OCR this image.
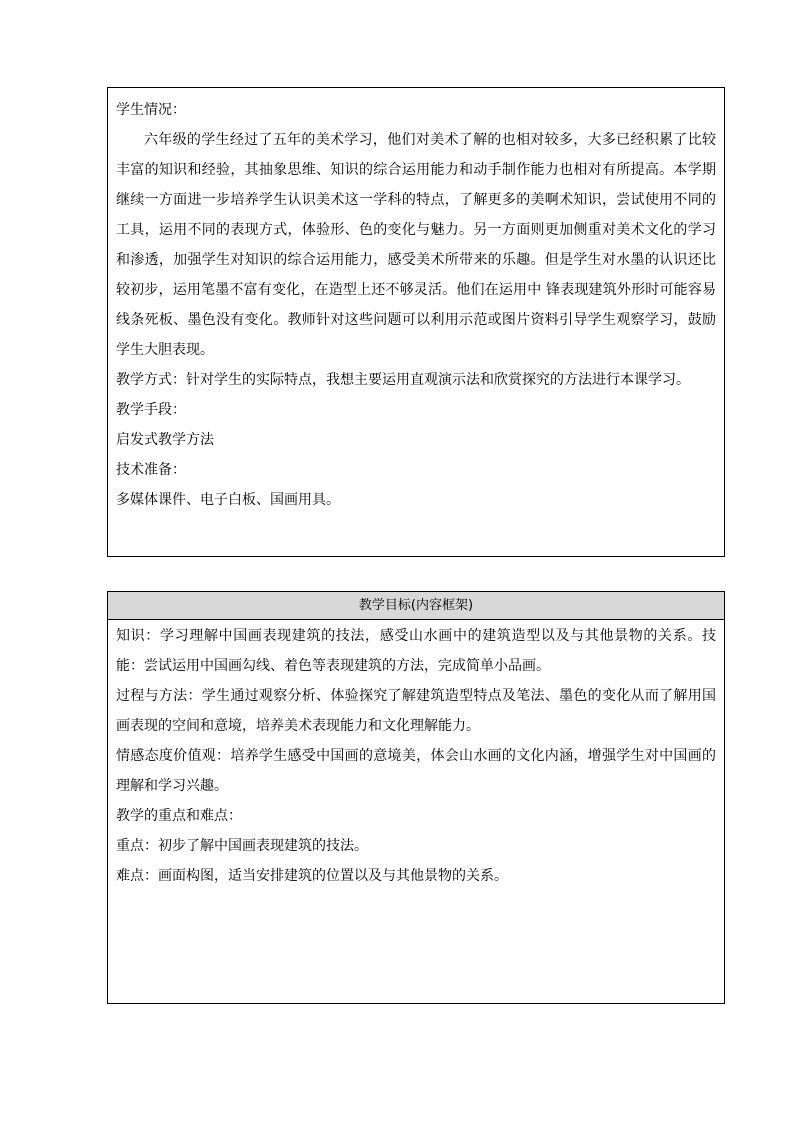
学生情况：

六年级的学生经过了五年的美术学习，他们对美术了解的也相对较多，大多已经积累了比较丰富的知识和经验，其抽象思维、知识的综合运用能力和动手制作能力也相对有所提高。本学期继续一方面进一步培养学生认识美术这一学科的特点，了解更多的美啊术知识，尝试使用不同的工具，运用不同的表现方式，体验形、色的变化与魅力。另一方面则更加侧重对美术文化的学习和渗透，加强学生对知识的综合运用能力，感受美术所带来的乐趣。但是学生对水墨的认识还比较初步，运用笔墨不富有变化，在造型上还不够灵活。他们在运用中 锋表现建筑外形时可能容易线条死板、墨色没有变化。教师针对这些问题可以利用示范或图片资料引导学生观察学习，鼓励学生大胆表现。

教学方式：针对学生的实际特点，我想主要运用直观演示法和欣赏探究的方法进行本课学习。

教学手段：

启发式教学方法

技术准备：

多媒体课件、电子白板、国画用具。

教学目标(内容框架)

知识：学习理解中国画表现建筑的技法，感受山水画中的建筑造型以及与其他景物的关系。技能：尝试运用中国画勾线、着色等表现建筑的方法，完成简单小品画。

过程与方法：学生通过观察分析、体验探究了解建筑造型特点及笔法、墨色的变化从而了解用国画表现的空间和意境，培养美术表现能力和文化理解能力。

情感态度价值观：培养学生感受中国画的意境美，体会山水画的文化内涵，增强学生对中国画的理解和学习兴趣。

教学的重点和难点：

重点：初步了解中国画表现建筑的技法。

难点：画面构图，适当安排建筑的位置以及与其他景物的关系。
